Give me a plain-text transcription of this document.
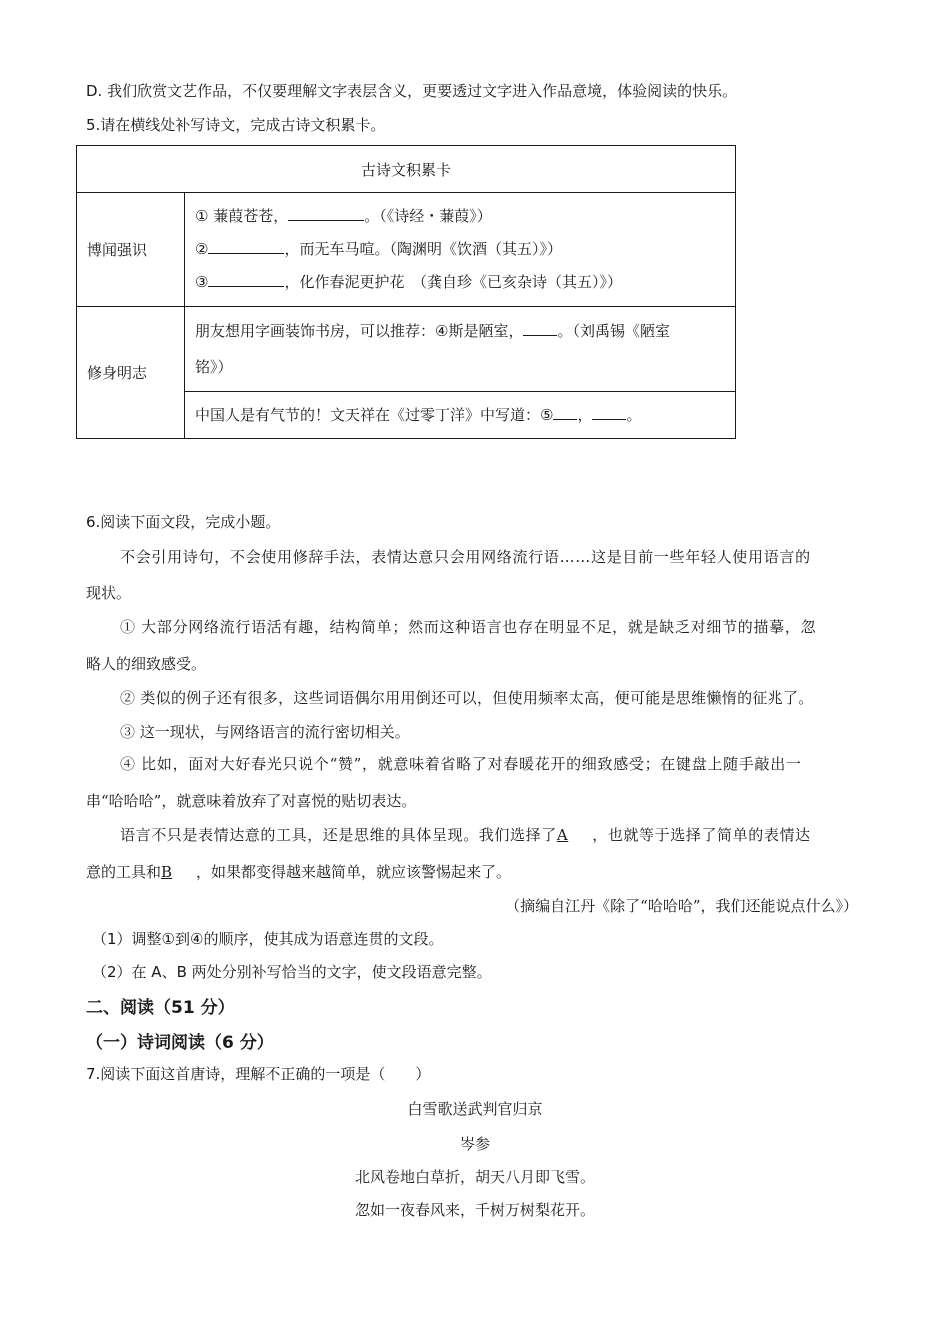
D. 我们欣赏文艺作品，不仅要理解文字表层含义，更要透过文字进入作品意境，体验阅读的快乐。
5.请在横线处补写诗文，完成古诗文积累卡。
古诗文积累卡	
博闻强识	① 蒹葭苍苍， 。（《诗经・蒹葭》）
② ，而无车马喧。（陶渊明《饮酒（其五）》）
③ ，化作春泥更护花　（龚自珍《已亥杂诗（其五）》）

修身明志	朋友想用字画装饰书房，可以推荐：④斯是陋室， 。（刘禹锡《陋室
铭》）

	中国人是有气节的！文天祥在《过零丁洋》中写道：⑤ ， 。
6.阅读下面文段，完成小题。
不会引用诗句，不会使用修辞手法，表情达意只会用网络流行语……这是目前一些年轻人使用语言的
现状。
① 大部分网络流行语活有趣，结构简单；然而这种语言也存在明显不足，就是缺乏对细节的描摹，忽
略人的细致感受。
② 类似的例子还有很多，这些词语偶尔用用倒还可以，但使用频率太高，便可能是思维懒惰的征兆了。
③ 这一现状，与网络语言的流行密切相关。
④ 比如，面对大好春光只说个“赞”，就意味着省略了对春暖花开的细致感受；在键盘上随手敲出一
串“哈哈哈”，就意味着放弃了对喜悦的贴切表达。
语言不只是表情达意的工具，还是思维的具体呈现。我们选择了A ，也就等于选择了简单的表情达
意的工具和B ，如果都变得越来越简单，就应该警惕起来了。
（摘编自江丹《除了“哈哈哈”，我们还能说点什么》）
（1）调整①到④的顺序，使其成为语意连贯的文段。
（2）在 A、B 两处分别补写恰当的文字，使文段语意完整。
二、阅读（51 分）
（一）诗词阅读（6 分）
7.阅读下面这首唐诗，理解不正确的一项是（　　）
白雪歌送武判官归京
岑参
北风卷地白草折，胡天八月即飞雪。
忽如一夜春风来，千树万树梨花开。
